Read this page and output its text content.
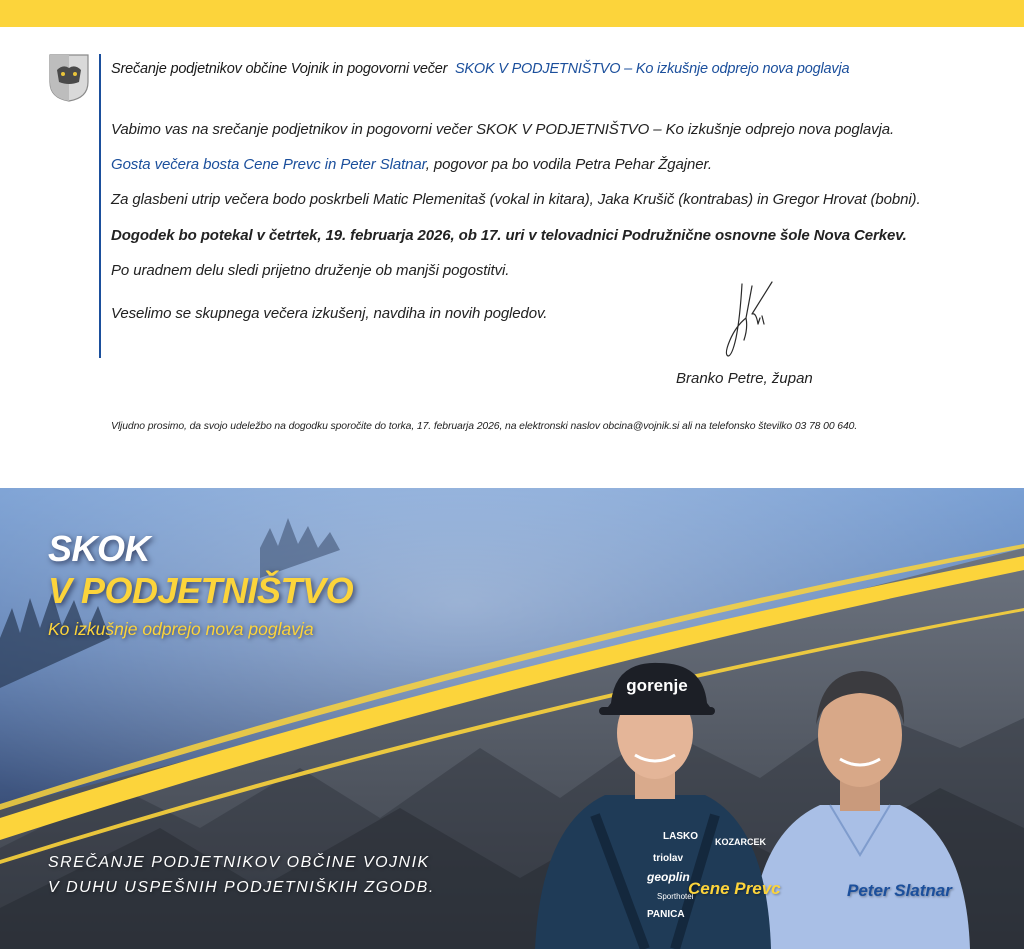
Srečanje podjetnikov občine Vojnik in pogovorni večer SKOK V PODJETNIŠTVO – Ko izkušnje odprejo nova poglavja
Vabimo vas na srečanje podjetnikov in pogovorni večer SKOK V PODJETNIŠTVO – Ko izkušnje odprejo nova poglavja.
Gosta večera bosta Cene Prevc in Peter Slatnar, pogovor pa bo vodila Petra Pehar Žgajner.
Za glasbeni utrip večera bodo poskrbeli Matic Plemenitaš (vokal in kitara), Jaka Krušič (kontrabas) in Gregor Hrovat (bobni).
Dogodek bo potekal v četrtek, 19. februarja 2026, ob 17. uri v telovadnici Podružnične osnovne šole Nova Cerkev.
Po uradnem delu sledi prijetno druženje ob manjši pogostitvi.
Veselimo se skupnega večera izkušenj, navdiha in novih pogledov.
Branko Petre, župan
Vljudno prosimo, da svojo udeležbo na dogodku sporočite do torka, 17. februarja 2026, na elektronski naslov obcina@vojnik.si ali na telefonsko številko 03 78 00 640.
SKOK
V PODJETNIŠTVO
Ko izkušnje odprejo nova poglavja
SREČANJE PODJETNIKOV OBČINE VOJNIK
V DUHU USPEŠNIH PODJETNIŠKIH ZGODB.
gorenje
LASKO KOZARCEK
triolav
geoplin
Sporthotel
PANICA
Cene Prevc	Peter Slatnar
